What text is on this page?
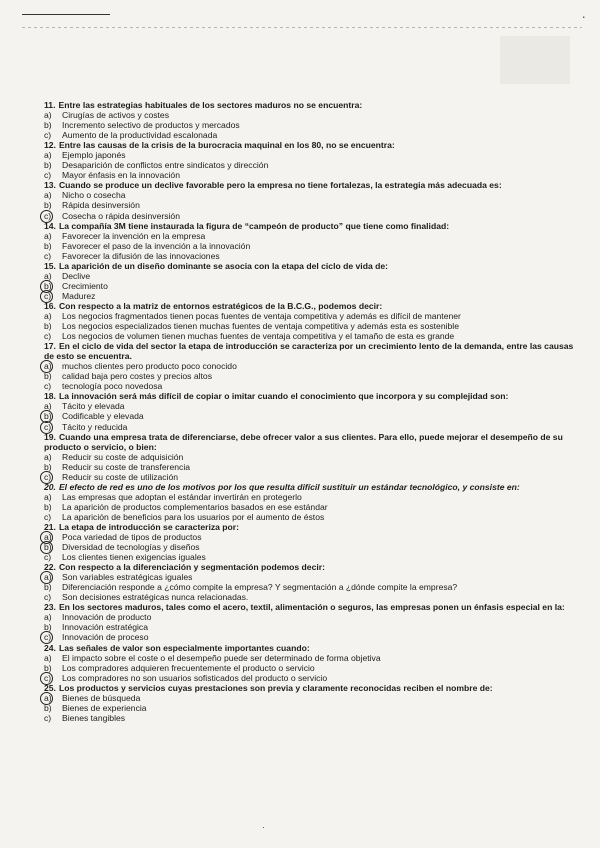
·
11. Entre las estrategias habituales de los sectores maduros no se encuentra:
a)	Cirugías de activos y costes
b)	Incremento selectivo de productos y mercados
c)	Aumento de la productividad escalonada
12. Entre las causas de la crisis de la burocracia maquinal en los 80, no se encuentra:
a)	Ejemplo japonés
b)	Desaparición de conflictos entre sindicatos y dirección
c)	Mayor énfasis en la innovación
13. Cuando se produce un declive favorable pero la empresa no tiene fortalezas, la estrategia más adecuada es:
a)	Nicho o cosecha
b)	Rápida desinversión
c)	Cosecha o rápida desinversión
14. La compañía 3M tiene instaurada la figura de “campeón de producto” que tiene como finalidad:
a)	Favorecer la invención en la empresa
b)	Favorecer el paso de la invención a la innovación
c)	Favorecer la difusión de las innovaciones
15. La aparición de un diseño dominante se asocia con la etapa del ciclo de vida de:
a)	Declive
b)	Crecimiento
c)	Madurez
16. Con respecto a la matriz de entornos estratégicos de la B.C.G., podemos decir:
a)	Los negocios fragmentados tienen pocas fuentes de ventaja competitiva y además es difícil de mantener
b)	Los negocios especializados tienen muchas fuentes de ventaja competitiva y además esta es sostenible
c)	Los negocios de volumen tienen muchas fuentes de ventaja competitiva y el tamaño de esta es grande
17. En el ciclo de vida del sector la etapa de introducción se caracteriza por un crecimiento lento de la demanda, entre las causas de esto se encuentra.
a)	muchos clientes pero producto poco conocido
b)	calidad baja pero costes y precios altos
c)	tecnología poco novedosa
18. La innovación será más difícil de copiar o imitar cuando el conocimiento que incorpora y su complejidad son:
a)	Tácito y elevada
b)	Codificable y elevada
c)	Tácito y reducida
19. Cuando una empresa trata de diferenciarse, debe ofrecer valor a sus clientes. Para ello, puede mejorar el desempeño de su producto o servicio, o bien:
a)	Reducir su coste de adquisición
b)	Reducir su coste de transferencia
c)	Reducir su coste de utilización
20. El efecto de red es uno de los motivos por los que resulta difícil sustituir un estándar tecnológico, y consiste en:
a)	Las empresas que adoptan el estándar invertirán en protegerlo
b)	La aparición de productos complementarios basados en ese estándar
c)	La aparición de beneficios para los usuarios por el aumento de éstos
21. La etapa de introducción se caracteriza por:
a)	Poca variedad de tipos de productos
b)	Diversidad de tecnologías y diseños
c)	Los clientes tienen exigencias iguales
22. Con respecto a la diferenciación y segmentación podemos decir:
a)	Son variables estratégicas iguales
b)	Diferenciación responde a ¿cómo compite la empresa? Y segmentación a ¿dónde compite la empresa?
c)	Son decisiones estratégicas nunca relacionadas.
23. En los sectores maduros, tales como el acero, textil, alimentación o seguros, las empresas ponen un énfasis especial en la:
a)	Innovación de producto
b)	Innovación estratégica
c)	Innovación de proceso
24. Las señales de valor son especialmente importantes cuando:
a)	El impacto sobre el coste o el desempeño puede ser determinado de forma objetiva
b)	Los compradores adquieren frecuentemente el producto o servicio
c)	Los compradores no son usuarios sofisticados del producto o servicio
25. Los productos y servicios cuyas prestaciones son previa y claramente reconocidas reciben el nombre de:
a)	Bienes de búsqueda
b)	Bienes de experiencia
c)	Bienes tangibles
·
